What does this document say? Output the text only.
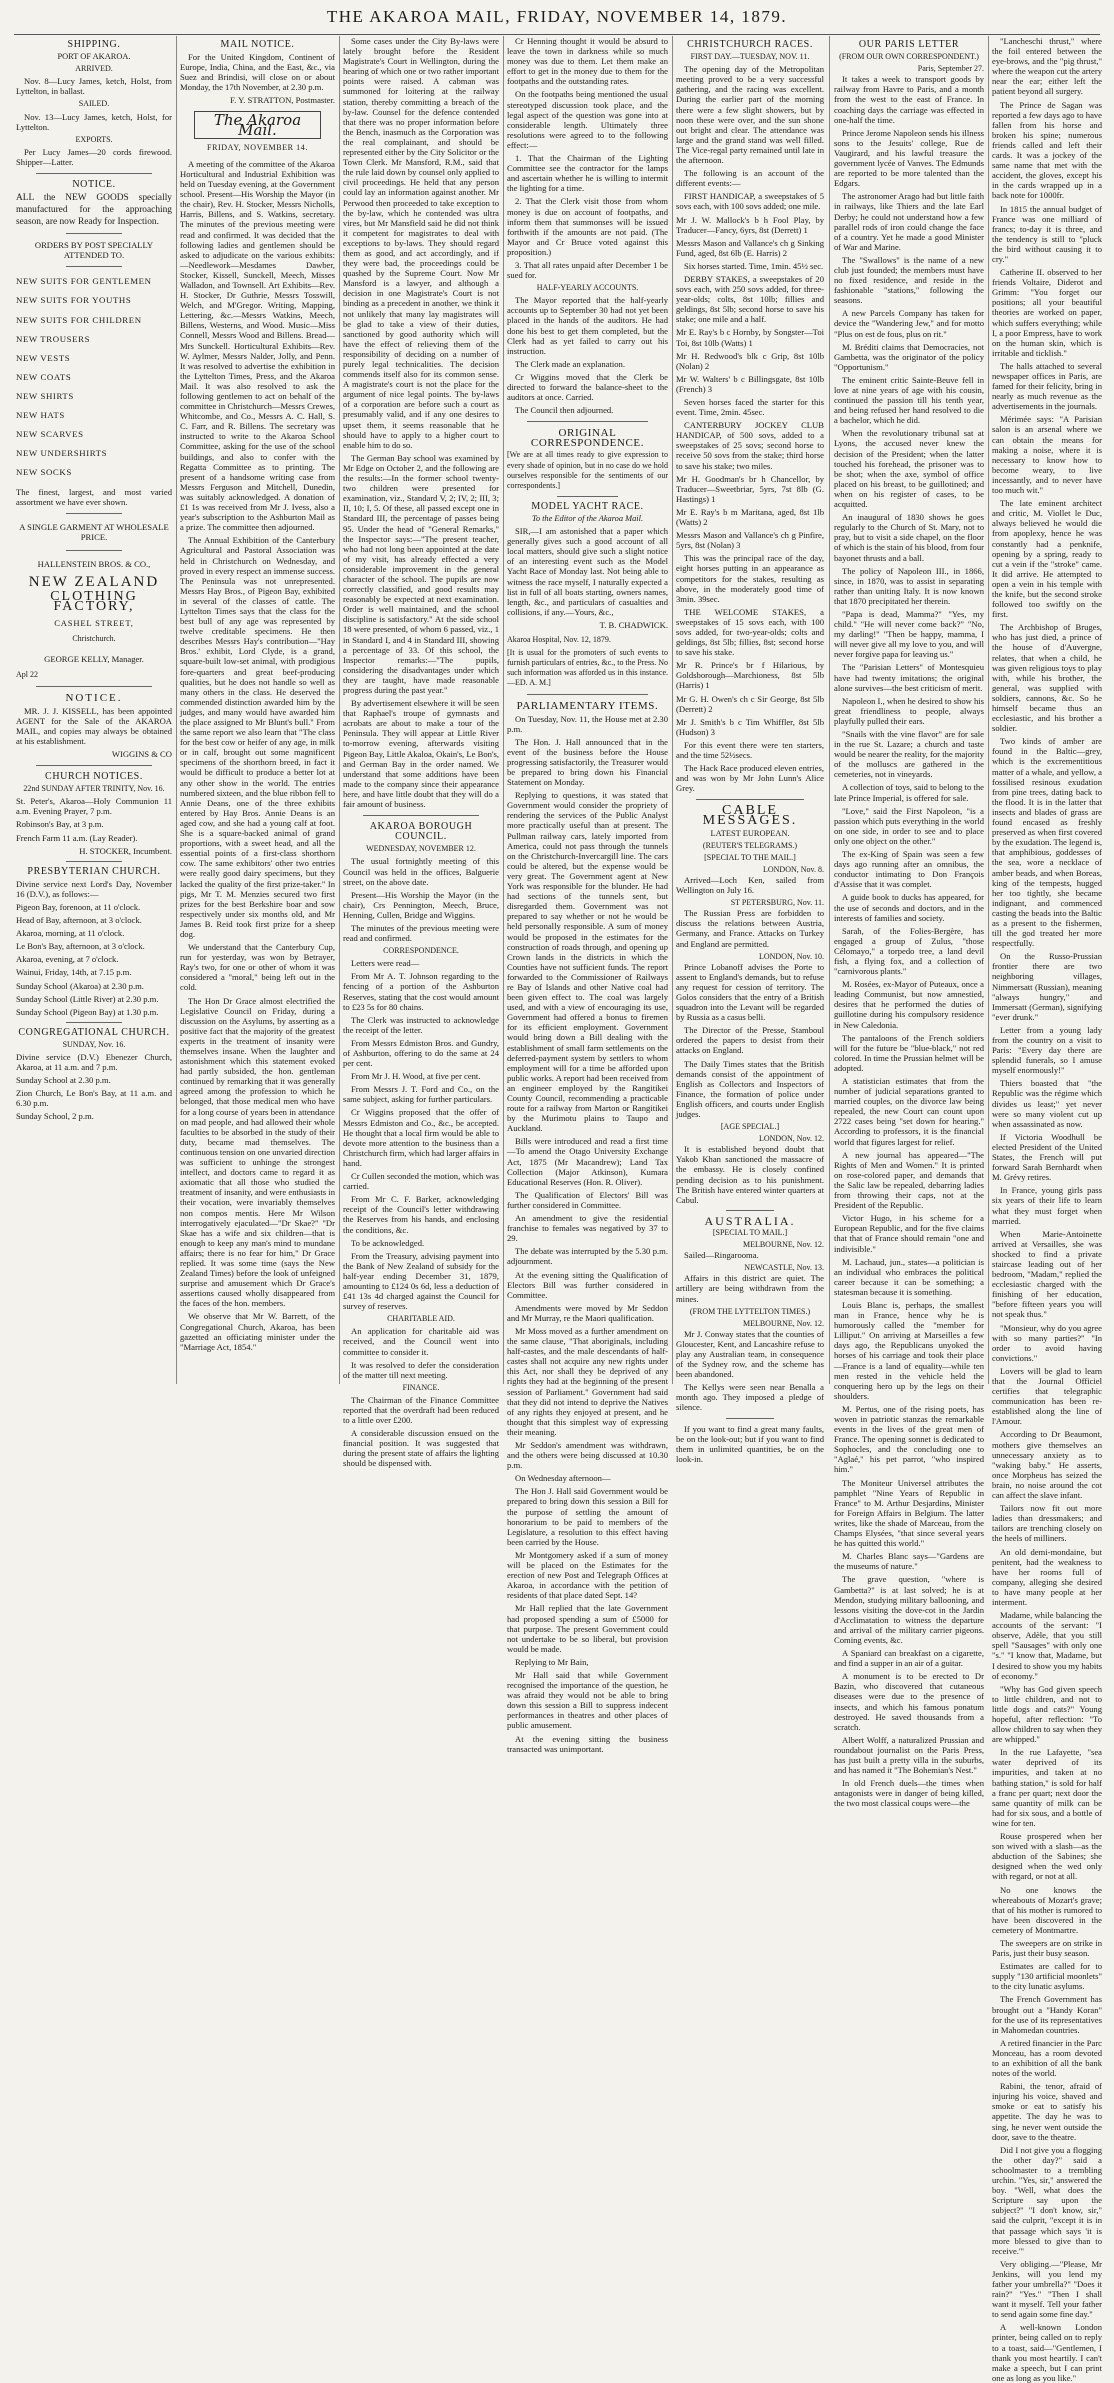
THE AKAROA MAIL, FRIDAY, NOVEMBER 14, 1879.
SHIPPING.
PORT OF AKAROA.
ARRIVED.

Nov. 8—Lucy James, ketch, Holst, from Lyttelton, in ballast.

SAILED.

Nov. 13—Lucy James, ketch, Holst, for Lyttelton.

EXPORTS.

Per Lucy James—20 cords firewood. Shipper—Latter.

NOTICE.

ALL the NEW GOODS specially manufactured for the approaching season, are now Ready for Inspection.

ORDERS BY POST SPECIALLY ATTENDED TO.
NEW SUITS FOR GENTLEMEN
NEW SUITS FOR YOUTHS
NEW SUITS FOR CHILDREN
NEW TROUSERS
NEW VESTS
NEW COATS
NEW SHIRTS
NEW HATS
NEW SCARVES
NEW UNDERSHIRTS
NEW SOCKS

The finest, largest, and most varied assortment we have ever shown.

A SINGLE GARMENT AT WHOLESALE PRICE.
HALLENSTEIN BROS. & CO.,
NEW ZEALAND
CLOTHING FACTORY,
CASHEL STREET,
Christchurch.
GEORGE KELLY, Manager.
Apl 22
NOTICE.

MR. J. J. KISSELL, has been appointed AGENT for the Sale of the AKAROA MAIL, and copies may always be obtained at his establishment.

WIGGINS & CO
CHURCH NOTICES.
22nd SUNDAY AFTER TRINITY, Nov. 16.

St. Peter's, Akaroa—Holy Communion 11 a.m. Evening Prayer, 7 p.m.

Robinson's Bay, at 3 p.m.

French Farm 11 a.m. (Lay Reader).

H. STOCKER, Incumbent.
PRESBYTERIAN CHURCH.

Divine service next Lord's Day, November 16 (D.V.), as follows:—

Pigeon Bay, forenoon, at 11 o'clock.

Head of Bay, afternoon, at 3 o'clock.

Akaroa, morning, at 11 o'clock.

Le Bon's Bay, afternoon, at 3 o'clock.

Akaroa, evening, at 7 o'clock.

Wainui, Friday, 14th, at 7.15 p.m.

Sunday School (Akaroa) at 2.30 p.m.

Sunday School (Little River) at 2.30 p.m.

Sunday School (Pigeon Bay) at 1.30 p.m.

CONGREGATIONAL CHURCH.
SUNDAY, Nov. 16.

Divine service (D.V.) Ebenezer Church, Akaroa, at 11 a.m. and 7 p.m.

Sunday School at 2.30 p.m.

Zion Church, Le Bon's Bay, at 11 a.m. and 6.30 p.m.

Sunday School, 2 p.m.

MAIL NOTICE.

For the United Kingdom, Continent of Europe, India, China, and the East, &c., via Suez and Brindisi, will close on or about Monday, the 17th November, at 2.30 p.m.

F. Y. STRATTON, Postmaster.
The Akaroa Mail.
FRIDAY, NOVEMBER 14.

A meeting of the committee of the Akaroa Horticultural and Industrial Exhibition was held on Tuesday evening, at the Government school. Present—His Worship the Mayor (in the chair), Rev. H. Stocker, Messrs Nicholls, Harris, Billens, and S. Watkins, secretary. The minutes of the previous meeting were read and confirmed. It was decided that the following ladies and gentlemen should be asked to adjudicate on the various exhibits:—Needlework—Mesdames Dawber, Stocker, Kissell, Sunckell, Meech, Misses Walladon, and Townsell. Art Exhibits—Rev. H. Stocker, Dr Guthrie, Messrs Tosswill, Welch, and M'Gregor. Writing, Mapping, Lettering, &c.—Messrs Watkins, Meech, Billens, Westerns, and Wood. Music—Miss Connell, Messrs Wood and Billens. Bread—Mrs Sunckell. Horticultural Exhibits—Rev. W. Aylmer, Messrs Nalder, Jolly, and Penn. It was resolved to advertise the exhibition in the Lyttelton Times, Press, and the Akaroa Mail. It was also resolved to ask the following gentlemen to act on behalf of the committee in Christchurch—Messrs Crewes, Whitcombe, and Co., Messrs A. C. Hall, S. C. Farr, and R. Billens. The secretary was instructed to write to the Akaroa School Committee, asking for the use of the school buildings, and also to confer with the Regatta Committee as to printing. The present of a handsome writing case from Messrs Ferguson and Mitchell, Dunedin, was suitably acknowledged. A donation of £1 1s was received from Mr J. Ivess, also a year's subscription to the Ashburton Mail as a prize. The committee then adjourned.

The Annual Exhibition of the Canterbury Agricultural and Pastoral Association was held in Christchurch on Wednesday, and proved in every respect an immense success. The Peninsula was not unrepresented. Messrs Hay Bros., of Pigeon Bay, exhibited in several of the classes of cattle. The Lyttelton Times says that the class for the best bull of any age was represented by twelve creditable specimens. He then describes Messrs Hay's contribution—"Hay Bros.' exhibit, Lord Clyde, is a grand, square-built low-set animal, with prodigious fore-quarters and great beef-producing qualities, but he does not handle so well as many others in the class. He deserved the commended distinction awarded him by the judges, and many would have awarded him the place assigned to Mr Blunt's bull." From the same report we also learn that "The class for the best cow or heifer of any age, in milk or in calf, brought out some magnificent specimens of the shorthorn breed, in fact it would be difficult to produce a better lot at any other show in the world. The entries numbered sixteen, and the blue ribbon fell to Annie Deans, one of the three exhibits entered by Hay Bros. Annie Deans is an aged cow, and she had a young calf at foot. She is a square-backed animal of grand proportions, with a sweet head, and all the essential points of a first-class shorthorn cow. The same exhibitors' other two entries were really good dairy specimens, but they lacked the quality of the first prize-taker." In pigs, Mr T. M. Menzies secured two first prizes for the best Berkshire boar and sow respectively under six months old, and Mr James B. Reid took first prize for a sheep dog.

We understand that the Canterbury Cup, run for yesterday, was won by Betrayer, Ray's two, for one or other of whom it was considered a "moral," being left out in the cold.

The Hon Dr Grace almost electrified the Legislative Council on Friday, during a discussion on the Asylums, by asserting as a positive fact that the majority of the greatest experts in the treatment of insanity were themselves insane. When the laughter and astonishment which this statement evoked had partly subsided, the hon. gentleman continued by remarking that it was generally agreed among the profession to which he belonged, that those medical men who have for a long course of years been in attendance on mad people, and had allowed their whole faculties to be absorbed in the study of their duty, became mad themselves. The continuous tension on one unvaried direction was sufficient to unhinge the strongest intellect, and doctors came to regard it as axiomatic that all those who studied the treatment of insanity, and were enthusiasts in their vocation, were invariably themselves non compos mentis. Here Mr Wilson interrogatively ejaculated—"Dr Skae?" "Dr Skae has a wife and six children—that is enough to keep any man's mind to mundane affairs; there is no fear for him," Dr Grace replied. It was some time (says the New Zealand Times) before the look of unfeigned surprise and amusement which Dr Grace's assertions caused wholly disappeared from the faces of the hon. members.

We observe that Mr W. Barrett, of the Congregational Church, Akaroa, has been gazetted an officiating minister under the "Marriage Act, 1854."

Some cases under the City By-laws were lately brought before the Resident Magistrate's Court in Wellington, during the hearing of which one or two rather important points were raised. A cabman was summoned for loitering at the railway station, thereby committing a breach of the by-law. Counsel for the defence contended that there was no proper information before the Bench, inasmuch as the Corporation was the real complainant, and should be represented either by the City Solicitor or the Town Clerk. Mr Mansford, R.M., said that the rule laid down by counsel only applied to civil proceedings. He held that any person could lay an information against another. Mr Perwood then proceeded to take exception to the by-law, which he contended was ultra vires, but Mr Mansfield said he did not think it competent for magistrates to deal with exceptions to by-laws. They should regard them as good, and act accordingly, and if they were bad, the proceedings could be quashed by the Supreme Court. Now Mr Mansford is a lawyer, and although a decision in one Magistrate's Court is not binding as a precedent in another, we think it not unlikely that many lay magistrates will be glad to take a view of their duties, sanctioned by good authority which will have the effect of relieving them of the responsibility of deciding on a number of purely legal technicalities. The decision commends itself also for its common sense. A magistrate's court is not the place for the argument of nice legal points. The by-laws of a corporation are before such a court as presumably valid, and if any one desires to upset them, it seems reasonable that he should have to apply to a higher court to enable him to do so.

The German Bay school was examined by Mr Edge on October 2, and the following are the results:—In the former school twenty-two children were presented for examination, viz., Standard V, 2; IV, 2; III, 3; II, 10; I, 5. Of these, all passed except one in Standard III, the percentage of passes being 95. Under the head of "General Remarks," the Inspector says:—"The present teacher, who had not long been appointed at the date of my visit, has already effected a very considerable improvement in the general character of the school. The pupils are now correctly classified, and good results may reasonably be expected at next examination. Order is well maintained, and the school discipline is satisfactory." At the side school 18 were presented, of whom 6 passed, viz., 1 in Standard I, and 4 in Standard III, showing a percentage of 33. Of this school, the Inspector remarks:—"The pupils, considering the disadvantages under which they are taught, have made reasonable progress during the past year."

By advertisement elsewhere it will be seen that Raphael's troupe of gymnasts and acrobats are about to make a tour of the Peninsula. They will appear at Little River to-morrow evening, afterwards visiting Pigeon Bay, Little Akaloa, Okain's, Le Bon's, and German Bay in the order named. We understand that some additions have been made to the company since their appearance here, and have little doubt that they will do a fair amount of business.

AKAROA BOROUGH COUNCIL.
WEDNESDAY, NOVEMBER 12.

The usual fortnightly meeting of this Council was held in the offices, Balguerie street, on the above date.

Present—His Worship the Mayor (in the chair), Crs Pennington, Meech, Bruce, Henning, Cullen, Bridge and Wiggins.

The minutes of the previous meeting were read and confirmed.

CORRESPONDENCE.

Letters were read—

From Mr A. T. Johnson regarding to the fencing of a portion of the Ashburton Reserves, stating that the cost would amount to £23 5s for 80 chains.

The Clerk was instructed to acknowledge the receipt of the letter.

From Messrs Edmiston Bros. and Gundry, of Ashburton, offering to do the same at 24 per cent.

From Mr J. H. Wood, at five per cent.

From Messrs J. T. Ford and Co., on the same subject, asking for further particulars.

Cr Wiggins proposed that the offer of Messrs Edmiston and Co., &c., be accepted. He thought that a local firm would be able to devote more attention to the business than a Christchurch firm, which had larger affairs in hand.

Cr Cullen seconded the motion, which was carried.

From Mr C. F. Barker, acknowledging receipt of the Council's letter withdrawing the Reserves from his hands, and enclosing the conditions, &c.

To be acknowledged.

From the Treasury, advising payment into the Bank of New Zealand of subsidy for the half-year ending December 31, 1879, amounting to £124 0s 6d, less a deduction of £41 13s 4d charged against the Council for survey of reserves.

CHARITABLE AID.

An application for charitable aid was received, and the Council went into committee to consider it.

It was resolved to defer the consideration of the matter till next meeting.

FINANCE.

The Chairman of the Finance Committee reported that the overdraft had been reduced to a little over £200.

A considerable discussion ensued on the financial position. It was suggested that during the present state of affairs the lighting should be dispensed with.

Cr Henning thought it would be absurd to leave the town in darkness while so much money was due to them. Let them make an effort to get in the money due to them for the footpaths and the outstanding rates.

On the footpaths being mentioned the usual stereotyped discussion took place, and the legal aspect of the question was gone into at considerable length. Ultimately three resolutions were agreed to to the following effect:—

1. That the Chairman of the Lighting Committee see the contractor for the lamps and ascertain whether he is willing to intermit the lighting for a time.

2. That the Clerk visit those from whom money is due on account of footpaths, and inform them that summonses will be issued forthwith if the amounts are not paid. (The Mayor and Cr Bruce voted against this proposition.)

3. That all rates unpaid after December 1 be sued for.

HALF-YEARLY ACCOUNTS.

The Mayor reported that the half-yearly accounts up to September 30 had not yet been placed in the hands of the auditors. He had done his best to get them completed, but the Clerk had as yet failed to carry out his instruction.

The Clerk made an explanation.

Cr Wiggins moved that the Clerk be directed to forward the balance-sheet to the auditors at once. Carried.

The Council then adjourned.

ORIGINAL CORRESPONDENCE.

[We are at all times ready to give expression to every shade of opinion, but in no case do we hold ourselves responsible for the sentiments of our correspondents.]

MODEL YACHT RACE.
To the Editor of the Akaroa Mail.

SIR,—I am astonished that a paper which generally gives such a good account of all local matters, should give such a slight notice of an interesting event such as the Model Yacht Race of Monday last. Not being able to witness the race myself, I naturally expected a list in full of all boats starting, owners names, length, &c., and particulars of casualties and collisions, if any.—Yours, &c.,

T. B. CHADWICK.

Akaroa Hospital, Nov. 12, 1879.

[It is usual for the promoters of such events to furnish particulars of entries, &c., to the Press. No such information was afforded us in this instance.—ED. A. M.]

PARLIAMENTARY ITEMS.

On Tuesday, Nov. 11, the House met at 2.30 p.m.

The Hon. J. Hall announced that in the event of the business before the House progressing satisfactorily, the Treasurer would be prepared to bring down his Financial Statement on Monday.

Replying to questions, it was stated that Government would consider the propriety of rendering the services of the Public Analyst more practically useful than at present. The Pullman railway cars, lately imported from America, could not pass through the tunnels on the Christchurch-Invercargill line. The cars could be altered, but the expense would be very great. The Government agent at New York was responsible for the blunder. He had had sections of the tunnels sent, but disregarded them. Government was not prepared to say whether or not he would be held personally responsible. A sum of money would be proposed in the estimates for the construction of roads through, and opening up Crown lands in the districts in which the Counties have not sufficient funds. The report forwarded to the Commissioner of Railways re Bay of Islands and other Native coal had been given effect to. The coal was largely used, and with a view of encouraging its use, Government had offered a bonus to firemen for its efficient employment. Government would bring down a Bill dealing with the establishment of small farm settlements on the deferred-payment system by settlers to whom employment will for a time be afforded upon public works. A report had been received from an engineer employed by the Rangitikei County Council, recommending a practicable route for a railway from Marton or Rangitikei by the Murimotu plains to Taupo and Auckland.

Bills were introduced and read a first time—To amend the Otago University Exchange Act, 1875 (Mr Macandrew); Land Tax Collection (Major Atkinson), Kumara Educational Reserves (Hon. R. Oliver).

The Qualification of Electors' Bill was further considered in Committee.

An amendment to give the residential franchise to females was negatived by 37 to 29.

The debate was interrupted by the 5.30 p.m. adjournment.

At the evening sitting the Qualification of Electors Bill was further considered in Committee.

Amendments were moved by Mr Seddon and Mr Murray, re the Maori qualification.

Mr Moss moved as a further amendment on the same clause, "That aboriginals, including half-castes, and the male descendants of half-castes shall not acquire any new rights under this Act, nor shall they be deprived of any rights they had at the beginning of the present session of Parliament." Government had said that they did not intend to deprive the Natives of any rights they enjoyed at present, and he thought that this simplest way of expressing their meaning.

Mr Seddon's amendment was withdrawn, and the others were being discussed at 10.30 p.m.

On Wednesday afternoon—

The Hon J. Hall said Government would be prepared to bring down this session a Bill for the purpose of settling the amount of honorarium to be paid to members of the Legislature, a resolution to this effect having been carried by the House.

Mr Montgomery asked if a sum of money will be placed on the Estimates for the erection of new Post and Telegraph Offices at Akaroa, in accordance with the petition of residents of that place dated Sept. 14?

Mr Hall replied that the late Government had proposed spending a sum of £5000 for that purpose. The present Government could not undertake to be so liberal, but provision would be made.

Replying to Mr Bain,

Mr Hall said that while Government recognised the importance of the question, he was afraid they would not be able to bring down this session a Bill to suppress indecent performances in theatres and other places of public amusement.

At the evening sitting the business transacted was unimportant.

CHRISTCHURCH RACES.
FIRST DAY.—TUESDAY, NOV. 11.

The opening day of the Metropolitan meeting proved to be a very successful gathering, and the racing was excellent. During the earlier part of the morning there were a few slight showers, but by noon these were over, and the sun shone out bright and clear. The attendance was large and the grand stand was well filled. The Vice-regal party remained until late in the afternoon.

The following is an account of the different events:—

FIRST HANDICAP, a sweepstakes of 5 sovs each, with 100 sovs added; one mile.

Mr J. W. Mallock's b h Fool Play, by Traducer—Fancy, 6yrs, 8st (Derrett) 1

Messrs Mason and Vallance's ch g Sinking Fund, aged, 8st 6lb (E. Harris) 2

Six horses started. Time, 1min. 45½ sec.

DERBY STAKES, a sweepstakes of 20 sovs each, with 250 sovs added, for three-year-olds; colts, 8st 10lb; fillies and geldings, 8st 5lb; second horse to save his stake; one mile and a half.

Mr E. Ray's b c Hornby, by Songster—Toi Toi, 8st 10lb (Watts) 1

Mr H. Redwood's blk c Grip, 8st 10lb (Nolan) 2

Mr W. Walters' b c Billingsgate, 8st 10lb (French) 3

Seven horses faced the starter for this event. Time, 2min. 45sec.

CANTERBURY JOCKEY CLUB HANDICAP, of 500 sovs, added to a sweepstakes of 25 sovs; second horse to receive 50 sovs from the stake; third horse to save his stake; two miles.

Mr H. Goodman's br h Chancellor, by Traducer—Sweetbriar, 5yrs, 7st 8lb (G. Hastings) 1

Mr E. Ray's b m Maritana, aged, 8st 1lb (Watts) 2

Messrs Mason and Vallance's ch g Pinfire, 5yrs, 8st (Nolan) 3

This was the principal race of the day, eight horses putting in an appearance as competitors for the stakes, resulting as above, in the moderately good time of 3min. 39sec.

THE WELCOME STAKES, a sweepstakes of 15 sovs each, with 100 sovs added, for two-year-olds; colts and geldings, 8st 5lb; fillies, 8st; second horse to save his stake.

Mr R. Prince's br f Hilarious, by Goldsborough—Marchioness, 8st 5lb (Harris) 1

Mr G. H. Owen's ch c Sir George, 8st 5lb (Derrett) 2

Mr J. Smith's b c Tim Whiffler, 8st 5lb (Hudson) 3

For this event there were ten starters, and the time 52½secs.

The Hack Race produced eleven entries, and was won by Mr John Lunn's Alice Grey.

CABLE MESSAGES.
LATEST EUROPEAN.
(REUTER'S TELEGRAMS.)
[SPECIAL TO THE MAIL.]
LONDON, Nov. 8.

Arrived—Loch Ken, sailed from Wellington on July 16.

ST PETERSBURG, Nov. 11.

The Russian Press are forbidden to discuss the relations between Austria, Germany, and France. Attacks on Turkey and England are permitted.

LONDON, Nov. 10.

Prince Lobanoff advises the Porte to assent to England's demands, but to refuse any request for cession of territory. The Golos considers that the entry of a British squadron into the Levant will be regarded by Russia as a casus belli.

The Director of the Presse, Stamboul ordered the papers to desist from their attacks on England.

The Daily Times states that the British demands consist of the appointment of English as Collectors and Inspectors of Finance, the formation of police under English officers, and courts under English judges.

[AGE SPECIAL.]
LONDON, Nov. 12.

It is established beyond doubt that Yakob Khan sanctioned the massacre of the embassy. He is closely confined pending decision as to his punishment. The British have entered winter quarters at Cabul.

AUSTRALIA.
[SPECIAL TO MAIL.]
MELBOURNE, Nov. 12.

Sailed—Ringarooma.

NEWCASTLE, Nov. 13.

Affairs in this district are quiet. The artillery are being withdrawn from the mines.

(FROM THE LYTTELTON TIMES.)
MELBOURNE, Nov. 12.

Mr J. Conway states that the counties of Gloucester, Kent, and Lancashire refuse to play any Australian team, in consequence of the Sydney row, and the scheme has been abandoned.

The Kellys were seen near Benalla a month ago. They imposed a pledge of silence.

If you want to find a great many faults, be on the look-out; but if you want to find them in unlimited quantities, be on the look-in.

OUR PARIS LETTER
(FROM OUR OWN CORRESPONDENT.)
Paris, September 27.

It takes a week to transport goods by railway from Havre to Paris, and a month from the west to the east of France. In coaching days the carriage was effected in one-half the time.

Prince Jerome Napoleon sends his illness sons to the Jesuits' college, Rue de Vaugirard, and his lawful treasure the government lycée of Vanves. The Edmunds are reported to be more talented than the Edgars.

The astronomer Arago had but little faith in railways, like Thiers and the late Earl Derby; he could not understand how a few parallel rods of iron could change the face of a country. Yet he made a good Minister of War and Marine.

The "Swallows" is the name of a new club just founded; the members must have no fixed residence, and reside in the fashionable "stations," following the seasons.

A new Parcels Company has taken for device the "Wandering Jew," and for motto "Plus on est de fous, plus on rit."

M. Bréditi claims that Democracies, not Gambetta, was the originator of the policy "Opportunism."

The eminent critic Sainte-Beuve fell in love at nine years of age with his cousin, continued the passion till his tenth year, and being refused her hand resolved to die a bachelor, which he did.

When the revolutionary tribunal sat at Lyons, the accused never knew the decision of the President; when the latter touched his forehead, the prisoner was to be shot; when the axe, symbol of office placed on his breast, to be guillotined; and when on his register of cases, to be acquitted.

An inaugural of 1830 shows he goes regularly to the Church of St. Mary, not to pray, but to visit a side chapel, on the floor of which is the stain of his blood, from four bayonet thrusts and a ball.

The policy of Napoleon III., in 1866, since, in 1870, was to assist in separating rather than uniting Italy. It is now known that 1870 precipitated her therein.

"Papa is dead, Mamma?" "Yes, my child." "He will never come back?" "No, my darling!" "Then be happy, mamma, I will never give all my love to you, and will never forgive papa for leaving us."

The "Parisian Letters" of Montesquieu have had twenty imitations; the original alone survives—the best criticism of merit.

Napoleon I., when he desired to show his great friendliness to people, always playfully pulled their ears.

"Snails with the vine flavor" are for sale in the rue St. Lazare; a church and taste would be nearer the reality, for the majority of the molluscs are gathered in the cemeteries, not in vineyards.

A collection of toys, said to belong to the late Prince Imperial, is offered for sale.

"Love," said the First Napoleon, "is a passion which puts everything in the world on one side, in order to see and to place only one object on the other."

The ex-King of Spain was seen a few days ago running after an omnibus, the conductor intimating to Don François d'Assise that it was complet.

A guide book to ducks has appeared, for the use of seconds and doctors, and in the interests of families and society.

Sarah, of the Folies-Bergère, has engaged a group of Zulus, "those Célomayo," a torpedo tree, a land devil fish, a flying fox, and a collection of "carnivorous plants."

M. Rosées, ex-Mayor of Puteaux, once a leading Communist, but now amnestied, desires that he performed the duties of guillotine during his compulsory residence in New Caledonia.

The pantaloons of the French soldiers will for the future be "blue-black," not red colored. In time the Prussian helmet will be adopted.

A statistician estimates that from the number of judicial separations granted to married couples, on the divorce law being repealed, the new Court can count upon 2722 cases being "set down for hearing." According to professors, it is the financial world that figures largest for relief.

A new journal has appeared—"The Rights of Men and Women." It is printed on rose-colored paper, and demands that the Salic law be repealed, debarring ladies from throwing their caps, not at the President of the Republic.

Victor Hugo, in his scheme for a European Republic, and for the five claims that that of France should remain "one and indivisible."

M. Lachaud, jun., states—a politician is an individual who embraces the political career because it can be something; a statesman because it is something.

Louis Blanc is, perhaps, the smallest man in France, hence why he is humorously called the "member for Lilliput." On arriving at Marseilles a few days ago, the Republicans unyoked the horses of his carriage and took their place—France is a land of equality—while ten men rested in the vehicle held the conquering hero up by the legs on their shoulders.

M. Pertus, one of the rising poets, has woven in patriotic stanzas the remarkable events in the lives of the great men of France. The opening sonnet is dedicated to Sophocles, and the concluding one to "Aglaé," his pet parrot, "who inspired him."

The Moniteur Universel attributes the pamphlet "Nine Years of Republic in France" to M. Arthur Desjardins, Minister for Foreign Affairs in Belgium. The latter writes, like the shade of Marceau, from the Champs Elysées, "that since several years he has quitted this world."

M. Charles Blanc says—"Gardens are the museums of nature."

The grave question, "where is Gambetta?" is at last solved; he is at Mendon, studying military ballooning, and lessons visiting the dove-cot in the Jardin d'Acclimatation to witness the departure and arrival of the military carrier pigeons. Coming events, &c.

A Spaniard can breakfast on a cigarette, and find a supper in an air of a guitar.

A monument is to be erected to Dr Bazin, who discovered that cutaneous diseases were due to the presence of insects, and which his famous ponatum destroyed. He saved thousands from a scratch.

Albert Wolff, a naturalized Prussian and roundabout journalist on the Paris Press, has just built a pretty villa in the suburbs, and has named it "The Bohemian's Nest."

In old French duels—the times when antagonists were in danger of being killed, the two most classical coups were—the

"Lancheschi thrust," where the foil entered between the eye-brows, and the "pig thrust," where the weapon cut the artery near the ear; either left the patient beyond all surgery.

The Prince de Sagan was reported a few days ago to have fallen from his horse and broken his spine; numerous friends called and left their cards. It was a jockey of the same name that met with the accident, the gloves, except his in the cards wrapped up in a back note for 1000fr.

In 1815 the annual budget of France was one milliard of francs; to-day it is three, and the tendency is still to "pluck the bird without causing it to cry."

Catherine II. observed to her friends Voltaire, Diderot and Grimm: "You forget our positions; all your beautiful theories are worked on paper, which suffers everything; while I, a poor Empress, have to work on the human skin, which is irritable and ticklish."

The halls attached to several newspaper offices in Paris, are famed for their felicity, bring in nearly as much revenue as the advertisements in the journals.

Mérimée says: "A Parisian salon is an arsenal where we can obtain the means for making a noise, where it is necessary to know how to become weary, to live incessantly, and to never have too much wit."

The late eminent architect and critic, M. Viollet le Duc, always believed he would die from apoplexy, hence he was constantly had a penknife, opening by a spring, ready to cut a vein if the "stroke" came. It did arrive. He attempted to open a vein in his temple with the knife, but the second stroke followed too swiftly on the first.

The Archbishop of Bruges, who has just died, a prince of the house of d'Auvergne, relates, that when a child, he was given religious toys to play with, while his brother, the general, was supplied with soldiers, cannons, &c. So he himself became thus an ecclesiastic, and his brother a soldier.

Two kinds of amber are found in the Baltic—grey, which is the excrementitious matter of a whale, and yellow, a fossilised resinous exudation from pine trees, dating back to the flood. It is in the latter that insects and blades of grass are found encased as freshly preserved as when first covered by the exudation. The legend is, that amphibious, goddesses of the sea, wore a necklace of amber beads, and when Boreas, king of the tempests, hugged her too tightly, she became indignant, and commenced casting the beads into the Baltic as a present to the fishermen, till the god treated her more respectfully.

On the Russo-Prussian frontier there are two neighboring villages, Nimmersatt (Russian), meaning "always hungry," and Immersatt (German), signifying "ever drunk."

Letter from a young lady from the country on a visit to Paris: "Every day there are splendid funerals, so I amuse myself enormously!"

Thiers boasted that "the Republic was the régime which divides us least;" yet never were so many violent cut up when assassinated as now.

If Victoria Woodhull be elected President of the United States, the French will put forward Sarah Bernhardt when M. Grévy retires.

In France, young girls pass six years of their life to learn what they must forget when married.

When Marie-Antoinette arrived at Versailles, she was shocked to find a private staircase leading out of her bedroom, "Madam," replied the ecclesiastic charged with the finishing of her education, "before fifteen years you will not speak thus."

"Monsieur, why do you agree with so many parties?" "In order to avoid having convictions."

Lovers will be glad to learn that the Journal Officiel certifies that telegraphic communication has been re-established along the line of l'Amour.

According to Dr Beaumont, mothers give themselves an unnecessary anxiety as to "waking baby." He asserts, once Morpheus has seized the brain, no noise around the cot can affect the slave infant.

Tailors now fit out more ladies than dressmakers; and tailors are trenching closely on the heels of milliners.

An old demi-mondaine, but penitent, had the weakness to have her rooms full of company, alleging she desired to have many people at her interment.

Madame, while balancing the accounts of the servant: "I observe, Adèle, that you still spell "Sausages" with only one "s." "I know that, Madame, but I desired to show you my habits of economy."

"Why has God given speech to little children, and not to little dogs and cats?" Young hopeful, after reflection: "To allow children to say when they are whipped."

In the rue Lafayette, "sea water deprived of its impurities, and taken at no bathing station," is sold for half a franc per quart; next door the same quantity of milk can be had for six sous, and a bottle of wine for ten.

Rouse prospered when her son wived with a slash—as the abduction of the Sabines; she designed when the wed only with regard, or not at all.

No one knows the whereabouts of Mozart's grave; that of his mother is rumored to have been discovered in the cemetery of Montmartre.

The sweepers are on strike in Paris, just their busy season.

Estimates are called for to supply "130 artificial moonlets" to the city lunatic asylums.

The French Government has brought out a "Handy Koran" for the use of its representatives in Mahomedan countries.

A retired financier in the Parc Monceau, has a room devoted to an exhibition of all the bank notes of the world.

Rabini, the tenor, afraid of injuring his voice, shaved and smoke or eat to satisfy his appetite. The day he was to sing, he never went outside the door, save to the theatre.

Did I not give you a flogging the other day?" said a schoolmaster to a trembling urchin. "Yes, sir," answered the boy. "Well, what does the Scripture say upon the subject?" "I don't know, sir," said the culprit, "except it is in that passage which says 'it is more blessed to give than to receive.'"

Very obliging.—"Please, Mr Jenkins, will you lend my father your umbrella?" "Does it rain?" "Yes." "Then I shall want it myself. Tell your father to send again some fine day."

A well-known London printer, being called on to reply to a toast, said—"Gentlemen, I thank you most heartily. I can't make a speech, but I can print one as long as you like."
